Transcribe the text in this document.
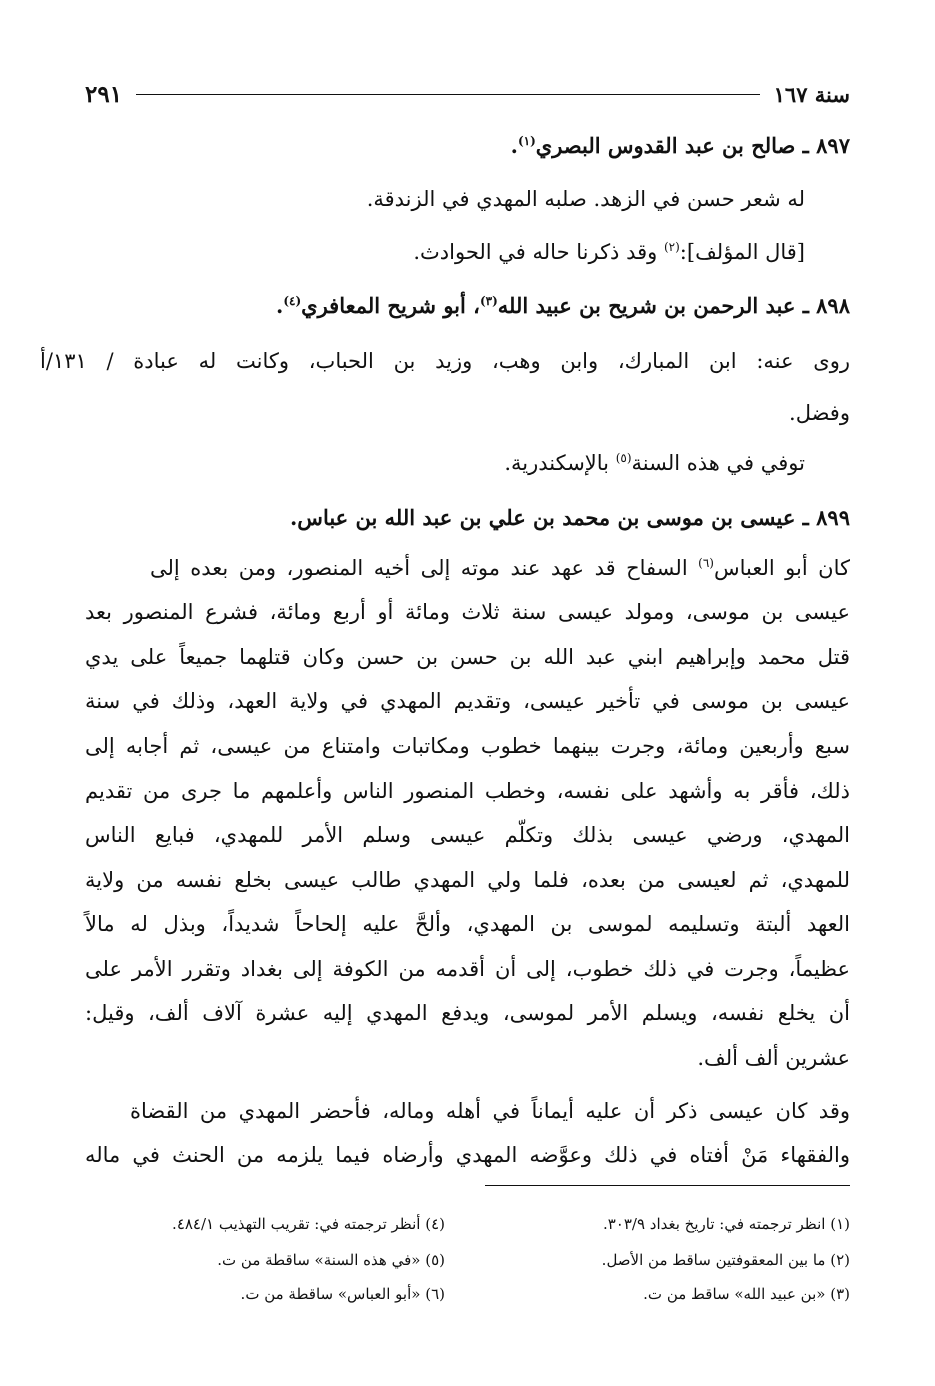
سنة ١٦٧
٢٩١
٨٩٧ ـ صالح بن عبد القدوس البصري$^{(١)}$.
له شعر حسن في الزهد. صلبه المهدي في الزندقة.
[قال المؤلف]:$^{(٢)}$ وقد ذكرنا حاله في الحوادث.
٨٩٨ ـ عبد الرحمن بن شريح بن عبيد الله$^{(٣)}$، أبو شريح المعافري$^{(٤)}$.
روى عنه: ابن المبارك، وابن وهب، وزيد بن الحباب، وكانت له عبادة / ١٣١/أ
وفضل.
توفي في هذه السنة$^{(٥)}$ بالإسكندرية.
٨٩٩ ـ عيسى بن موسى بن محمد بن علي بن عبد الله بن عباس.
كان أبو العباس$^{(٦)}$ السفاح قد عهد عند موته إلى أخيه المنصور، ومن بعده إلى
عيسى بن موسى، ومولد عيسى سنة ثلاث ومائة أو أربع ومائة، فشرع المنصور بعد
قتل محمد وإبراهيم ابني عبد الله بن حسن بن حسن وكان قتلهما جميعاً على يدي
عيسى بن موسى في تأخير عيسى، وتقديم المهدي في ولاية العهد، وذلك في سنة
سبع وأربعين ومائة، وجرت بينهما خطوب ومكاتبات وامتناع من عيسى، ثم أجابه إلى
ذلك، فأقر به وأشهد على نفسه، وخطب المنصور الناس وأعلمهم ما جرى من تقديم
المهدي، ورضي عيسى بذلك وتكلّم عيسى وسلم الأمر للمهدي، فبايع الناس
للمهدي، ثم لعيسى من بعده، فلما ولي المهدي طالب عيسى بخلع نفسه من ولاية
العهد ألبتة وتسليمه لموسى بن المهدي، وألحَّ عليه إلحاحاً شديداً، وبذل له مالاً
عظيماً، وجرت في ذلك خطوب، إلى أن أقدمه من الكوفة إلى بغداد وتقرر الأمر على
أن يخلع نفسه، ويسلم الأمر لموسى، ويدفع المهدي إليه عشرة آلاف ألف، وقيل:
عشرين ألف ألف.
وقد كان عيسى ذكر أن عليه أيماناً في أهله وماله، فأحضر المهدي من القضاة
والفقهاء مَنْ أفتاه في ذلك وعوَّضه المهدي وأرضاه فيما يلزمه من الحنث في ماله
(١) انظر ترجمته في: تاريخ بغداد ٣٠٣/٩.
(٢) ما بين المعقوفتين ساقط من الأصل.
(٣) «بن عبيد الله» ساقط من ت.
(٤) أنظر ترجمته في: تقريب التهذيب ٤٨٤/١.
(٥) «في هذه السنة» ساقطة من ت.
(٦) «أبو العباس» ساقطة من ت.
